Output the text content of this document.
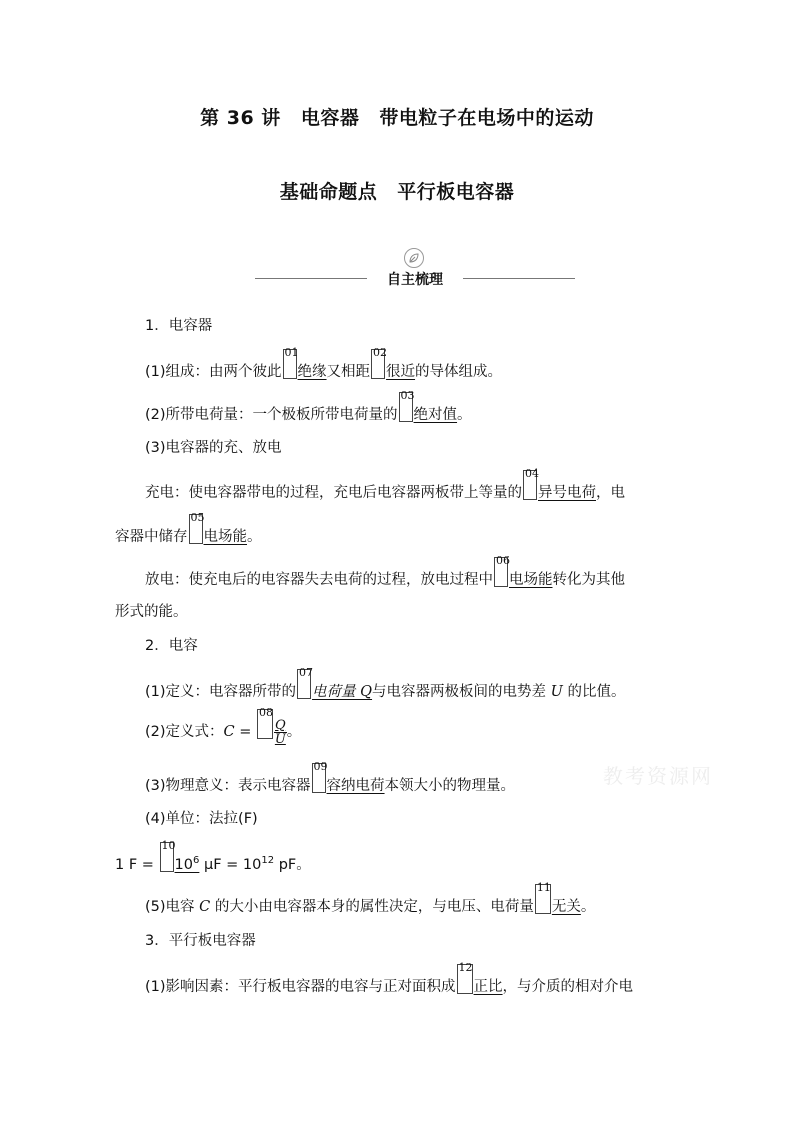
第 36 讲 电容器 带电粒子在电场中的运动
基础命题点 平行板电容器
自主梳理
1．电容器
(1)组成：由两个彼此
01
绝缘又相距
02
很近的导体组成。
(2)所带电荷量：一个极板所带电荷量的
03
绝对值。
(3)电容器的充、放电
充电：使电容器带电的过程，充电后电容器两板带上等量的
04
异号电荷，电
容器中储存
05
电场能。
放电：使充电后的电容器失去电荷的过程，放电过程中
06
电场能转化为其他
形式的能。
2．电容
(1)定义：电容器所带的
07
电荷量 Q与电容器两极板间的电势差 U 的比值。
(2)定义式：C =
08
$\frac{Q}{U}$ 。
(3)物理意义：表示电容器
09
容纳电荷本领大小的物理量。
(4)单位：法拉(F)
1 F =
10
$10^6$ $\mu F = 10^{12}$ pF。
(5)电容 C 的大小由电容器本身的属性决定，与电压、电荷量
11
无关。
3．平行板电容器
(1)影响因素：平行板电容器的电容与正对面积成
12
正比，与介质的相对介电
教考资源网
